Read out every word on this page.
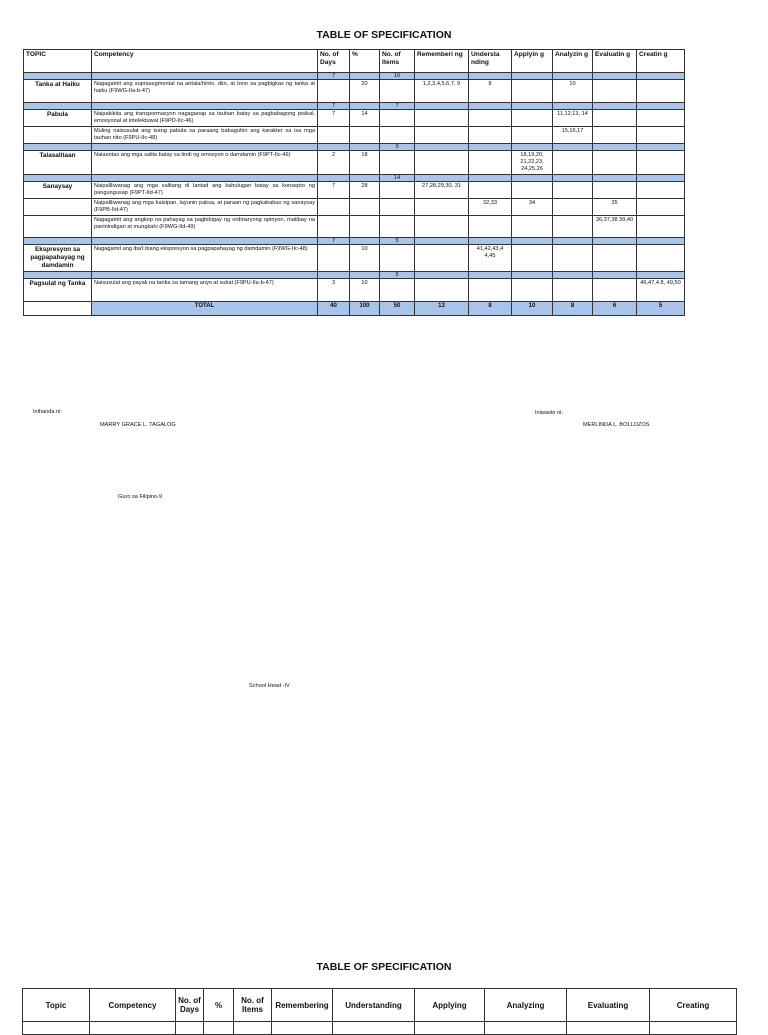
TABLE OF SPECIFICATION
TOPIC	Competency	No. of Days	%	No. of Items	Rememberi ng	Understa nding	Applyin g	Analyzin g	Evaluatin g	Creatin g
		7		10						
Tanka at Haiku	Nagagamit ang suprasegmental na antala/hinto, diin, at tono sa pagbigkas ng tanka at haiku (F9WG-IIa-b-47)		20		1,2,3,4,5,6,7, 9	8		10		
		7		7						
Pabula	Naipakikita ang transpormasyon nagaganap sa tauhan batay sa pagbabagong pisikal, emosyonal at intelektuwal (F9PD-IIc-46)	7	14					11,12,13, 14		
	Muling naisusulat ang isang pabula sa paraang babaguhin ang karakter sa isa mga tauhan nito (F9PU-IIc-48)							15,16,17		
				9						
Talasalitaan	Naiaantas ang mga salita batay sa tindi ng emosyon o damdamin (F9PT-IIc-46)	2	18				18,19,20, 21,22,23, 24,25,26			
				14						
Sanaysay	Naipaliliwanag ang mga salitang di lantad ang kahulugan batay sa konsepto ng pangungusap (F9PT-IId-47)	7	28		27,28,29,30, 31					
	Naipaliliwanag ang mga kaisipan, layunin paksa, at paraan ng pagkakabuo ng sanaysay (F9PB-IId-47)					32,33	34		35	
	Nagagamit ang angkop na pahayag sa pagbibigay ng ordinaryong opinyon, matibay na paninindigan at mungkahi (F9WG-IId-49)								36,37,38 39,40	
		7		5						
Ekspresyon sa pagpapahayag ng damdamin	Nagagamit ang iba't ibang ekspresyon sa pagpapahayag ng damdamin (F9WG-IIc-48)		10			41,42,43,4 4,45				
				5						
Pagsulat ng Tanka	Naisusulat ang payak na tanka sa tamang anyo at sukat (F9PU-IIa-b-47)	3	10							46,47,4 8, 49,50
	TOTAL	40	100	50	13	8	10	8	6	5
Inihanda ni:
MARRY GRACE L. TAGALOG
Guro sa Filipino-9
Iniwasto ni:
MERLINDA L. BOLLOZOS
School Head -IV
TABLE OF SPECIFICATION
Topic	Competency	No. of Days	%	No. of Items	Remembering	Understanding	Applying	Analyzing	Evaluating	Creating
